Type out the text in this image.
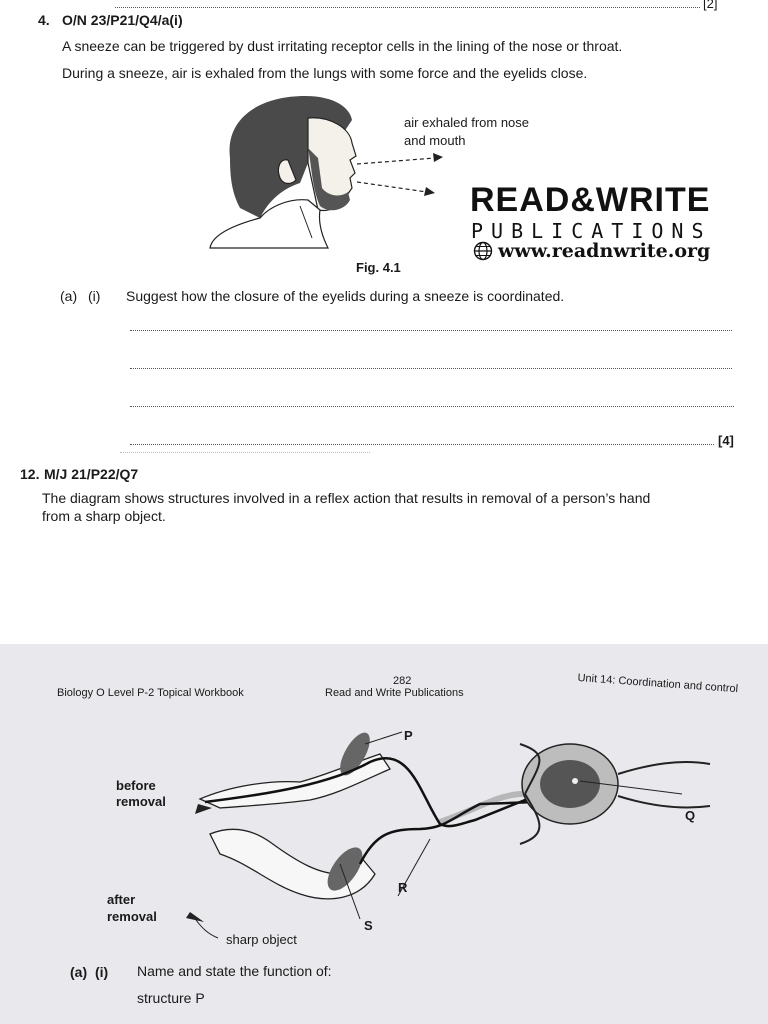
[2]
4. O/N 23/P21/Q4/a(i)
A sneeze can be triggered by dust irritating receptor cells in the lining of the nose or throat.
During a sneeze, air is exhaled from the lungs with some force and the eyelids close.
air exhaled from nose
and mouth
READ&WRITE
PUBLICATIONS
www.readnwrite.org
Fig. 4.1
(a) (i) Suggest how the closure of the eyelids during a sneeze is coordinated.
[4]
12. M/J 21/P22/Q7
The diagram shows structures involved in a reflex action that results in removal of a person’s hand
from a sharp object.
Biology O Level P-2 Topical Workbook
282
Read and Write Publications	Unit 14: Coordination and control
before
removal
after
removal
sharp object
P
Q
R
S
(a) (i) Name and state the function of:
structure P
